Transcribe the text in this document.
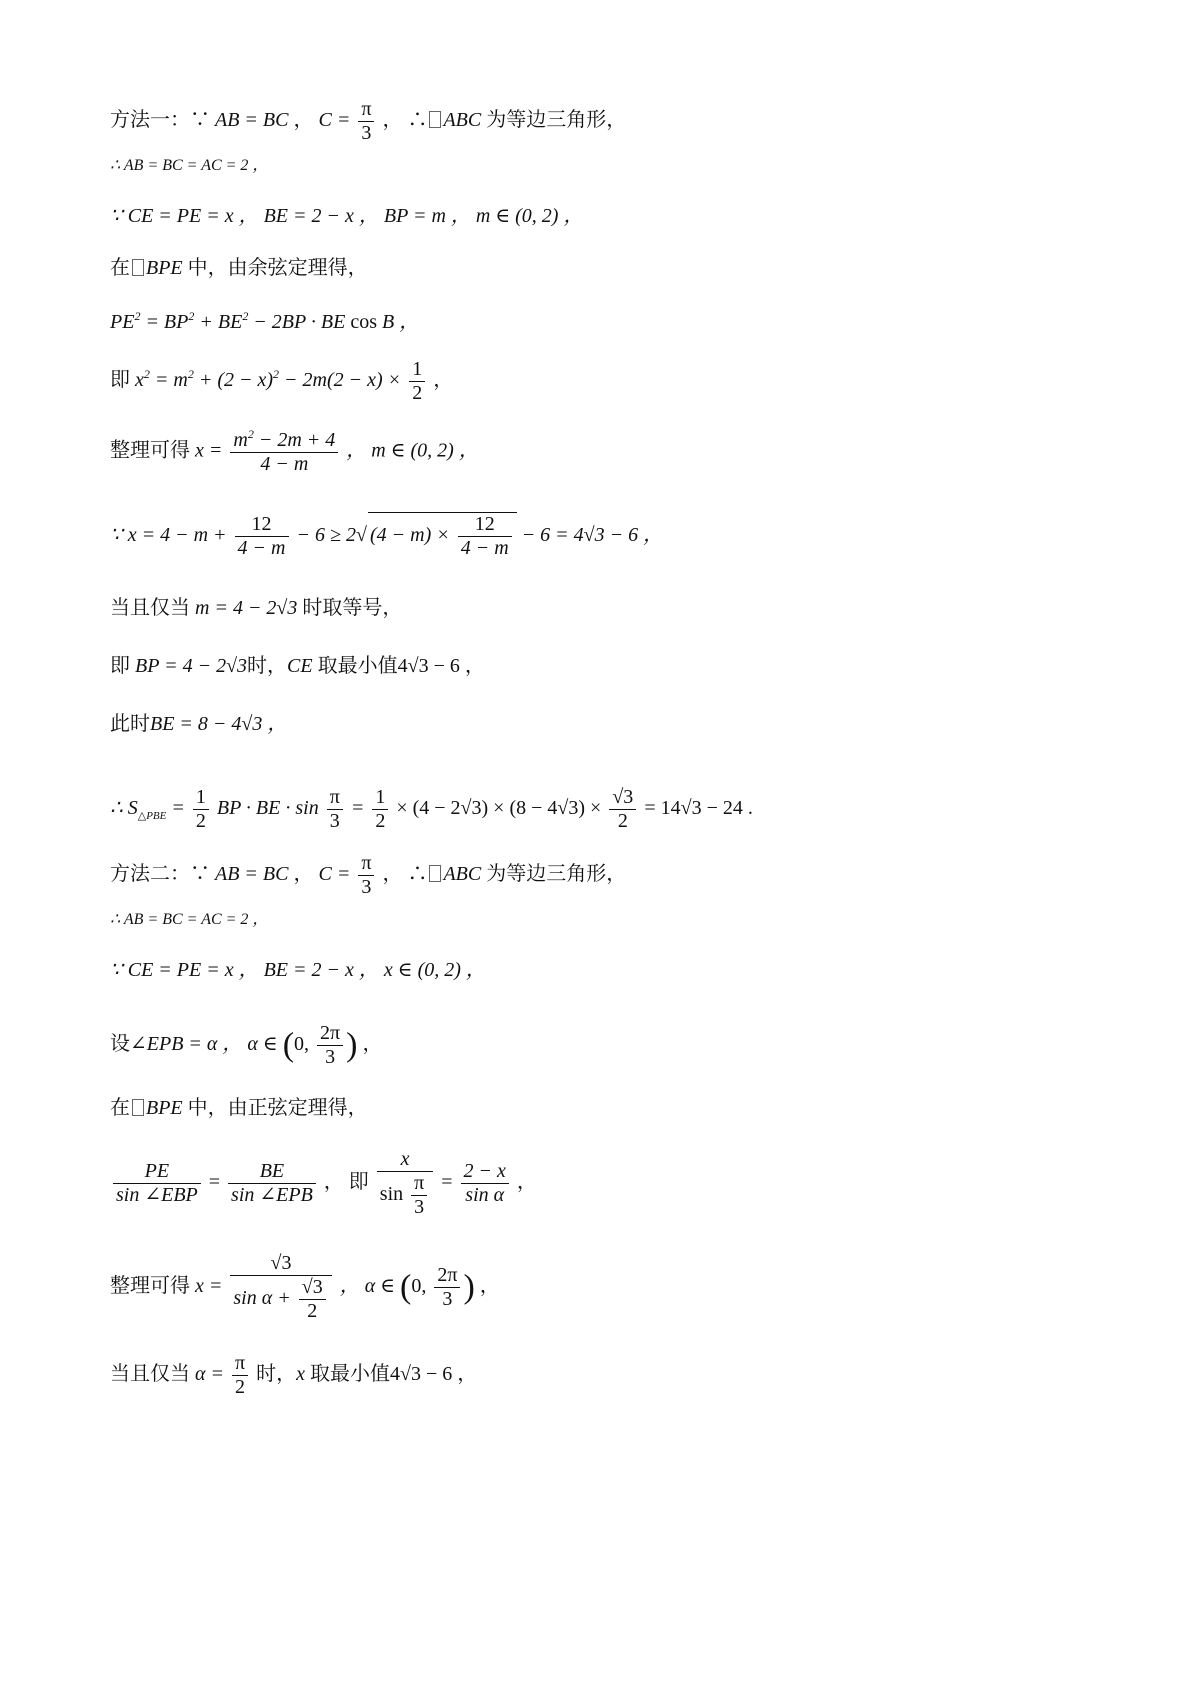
方法一：∵ AB = BC ， $C = \frac{\pi}{3}$ ， ∴ ABC 为等边三角形，
∴ AB = BC = AC = 2 ，
∵ CE = PE = x ， BE = 2 − x ， BP = m ， m ∈ (0, 2) ，
在 BPE 中，由余弦定理得，
$PE^2 = BP^2 + BE^2 - 2BP$ · BE cos B ，
即 $x^2 = m^2 + (2 - x)^2 - 2m(2 - x) \times \frac{1}{2}$ ，
整理可得 $x = \frac{m^2 - 2m + 4}{4 - m}$ ， m ∈ (0, 2) ，
∵ $x = 4 - m + \frac{12}{4 - m} - 6 \ge 2√$ $(4 - m) \times \frac{12}{4 - m} - 6 = 4√3 - 6$ ，
当且仅当 m = 4 − 2√3 时取等号，
即 BP = 4 − 2√3时，CE 取最小值4√3 − 6 ，
此时BE = 8 − 4√3 ，
∴ $S_{\triangle PBE} = \frac{1}{2}$ BP · BE · $\sin \frac{\pi}{3} = \frac{1}{2} \times (4 - 2√3) \times (8 - 4√3) \times \frac{√3}{2} = 14√3 - 24$ .
方法二：∵ AB = BC ， $C = \frac{\pi}{3}$ ， ∴ ABC 为等边三角形，
∴ AB = BC = AC = 2 ，
∵ CE = PE = x ， BE = 2 − x ， x ∈ (0, 2) ，
设∠EPB = α ， α ∈ (0, $\frac{2\pi}{3}$ ) ，
在 BPE 中，由正弦定理得，
$\frac{PE}{\text{sin ∠EBP}} = \frac{BE}{\text{sin ∠EPB}}$ ， 即 $\frac{x}{\sin \frac{\pi}{3}} = \frac{2 - x}{\text{sin α}}$ ，
整理可得 $x = \frac{√3}{\sin \alpha + \frac{√3}{2}}$ ， α ∈ (0, $\frac{2\pi}{3}$ ) ，
当且仅当 $\alpha = \frac{\pi}{2}$ 时，x 取最小值4√3 − 6 ，
